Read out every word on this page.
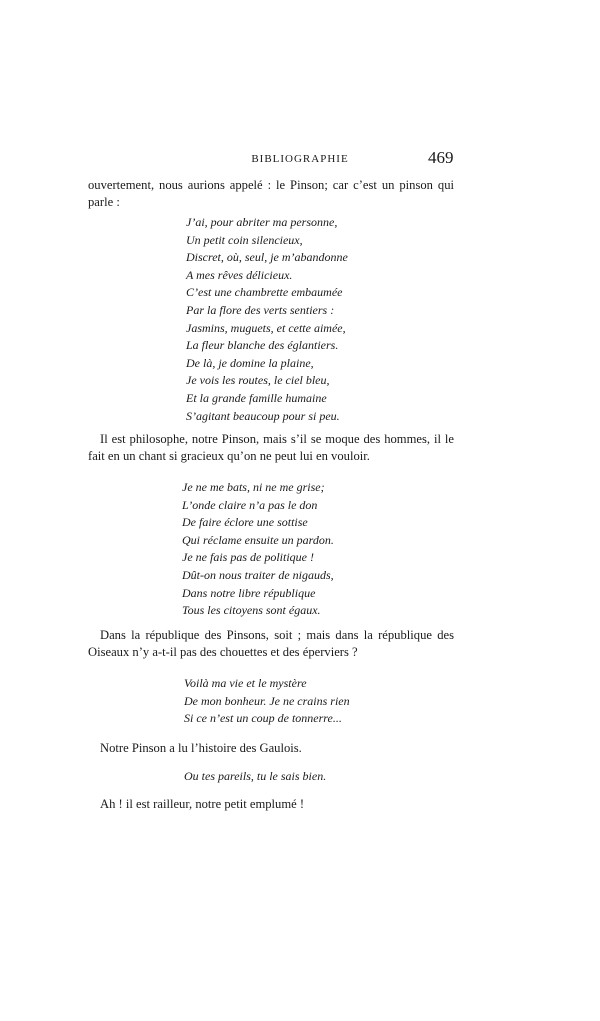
BIBLIOGRAPHIE	469
ouvertement, nous aurions appelé : le Pinson; car c’est un pinson qui parle :
J’ai, pour abriter ma personne,
Un petit coin silencieux,
Discret, où, seul, je m’abandonne
A mes rêves délicieux.
C’est une chambrette embaumée
Par la flore des verts sentiers :
Jasmins, muguets, et cette aimée,
La fleur blanche des églantiers.
De là, je domine la plaine,
Je vois les routes, le ciel bleu,
Et la grande famille humaine
S’agitant beaucoup pour si peu.
Il est philosophe, notre Pinson, mais s’il se moque des hommes, il le fait en un chant si gracieux qu’on ne peut lui en vouloir.
Je ne me bats, ni ne me grise;
L’onde claire n’a pas le don
De faire éclore une sottise
Qui réclame ensuite un pardon.
Je ne fais pas de politique !
Dût-on nous traiter de nigauds,
Dans notre libre république
Tous les citoyens sont égaux.
Dans la république des Pinsons, soit ; mais dans la république des Oiseaux n’y a-t-il pas des chouettes et des éperviers ?
Voilà ma vie et le mystère
De mon bonheur. Je ne crains rien
Si ce n’est un coup de tonnerre...
Notre Pinson a lu l’histoire des Gaulois.
Ou tes pareils, tu le sais bien.
Ah ! il est railleur, notre petit emplumé !
